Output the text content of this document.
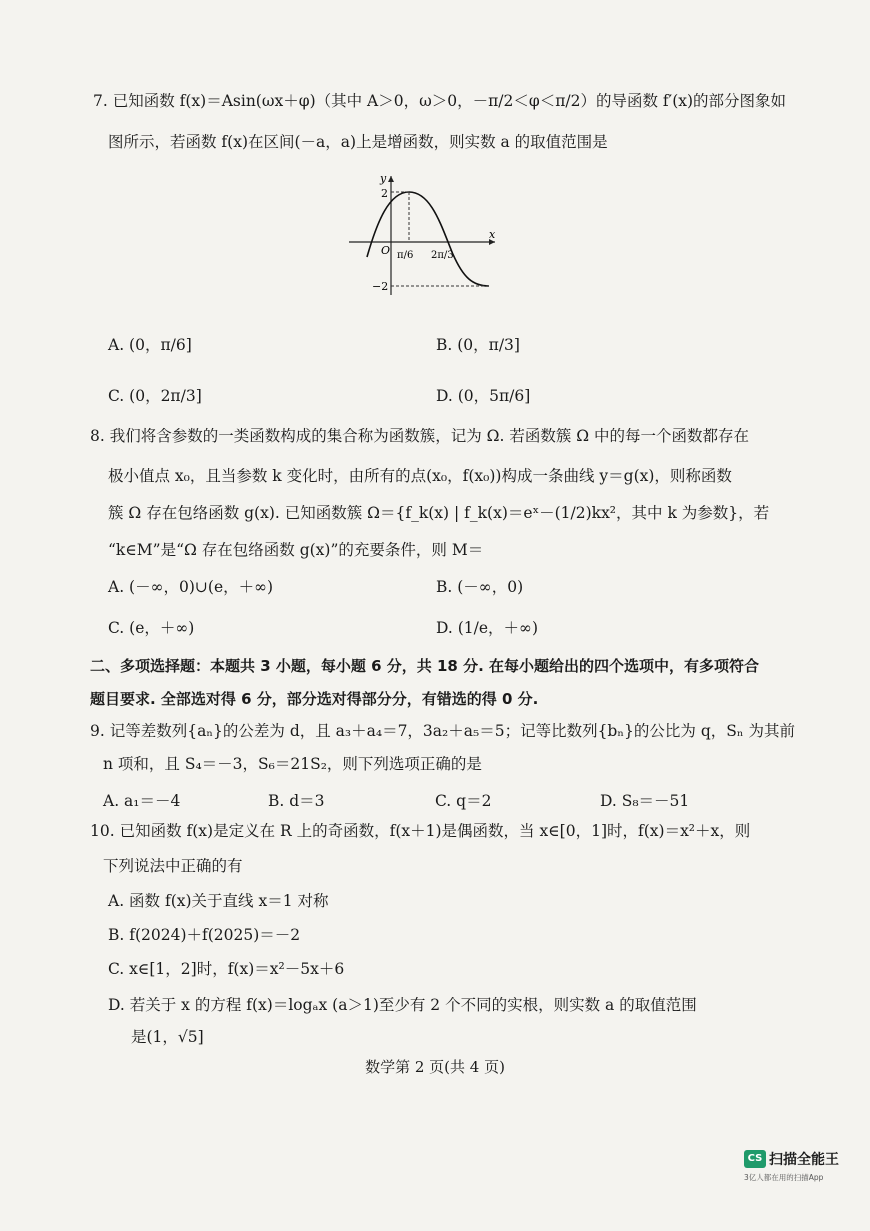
7. 已知函数 f(x)＝Asin(ωx＋φ)（其中 A＞0，ω＞0，－π/2＜φ＜π/2）的导函数 f′(x)的部分图象如
图所示，若函数 f(x)在区间(－a，a)上是增函数，则实数 a 的取值范围是
y
x
O
2
−2
π/6 2π/3
A. (0，π/6]	B. (0，π/3]
C. (0，2π/3]	D. (0，5π/6]
8. 我们将含参数的一类函数构成的集合称为函数簇，记为 Ω. 若函数簇 Ω 中的每一个函数都存在
极小值点 x₀，且当参数 k 变化时，由所有的点(x₀，f(x₀))构成一条曲线 y＝g(x)，则称函数
簇 Ω 存在包络函数 g(x). 已知函数簇 Ω＝{f_k(x) | f_k(x)＝eˣ－(1/2)kx²，其中 k 为参数}，若
“k∈M”是“Ω 存在包络函数 g(x)”的充要条件，则 M＝
A. (－∞，0)∪(e，＋∞)	B. (－∞，0)
C. (e，＋∞)	D. (1/e，＋∞)
二、多项选择题：本题共 3 小题，每小题 6 分，共 18 分. 在每小题给出的四个选项中，有多项符合
题目要求. 全部选对得 6 分，部分选对得部分分，有错选的得 0 分.
9. 记等差数列{aₙ}的公差为 d，且 a₃＋a₄＝7，3a₂＋a₅＝5；记等比数列{bₙ}的公比为 q，Sₙ 为其前
n 项和，且 S₄＝－3，S₆＝21S₂，则下列选项正确的是
A. a₁＝－4	B. d＝3	C. q＝2	D. S₈＝－51
10. 已知函数 f(x)是定义在 R 上的奇函数，f(x＋1)是偶函数，当 x∈[0，1]时，f(x)＝x²＋x，则
下列说法中正确的有
A. 函数 f(x)关于直线 x＝1 对称
B. f(2024)＋f(2025)＝－2
C. x∈[1，2]时，f(x)＝x²－5x＋6
D. 若关于 x 的方程 f(x)＝logₐx (a＞1)至少有 2 个不同的实根，则实数 a 的取值范围
是(1，√5]
数学第 2 页(共 4 页)
CS 扫描全能王
3亿人都在用的扫描App
